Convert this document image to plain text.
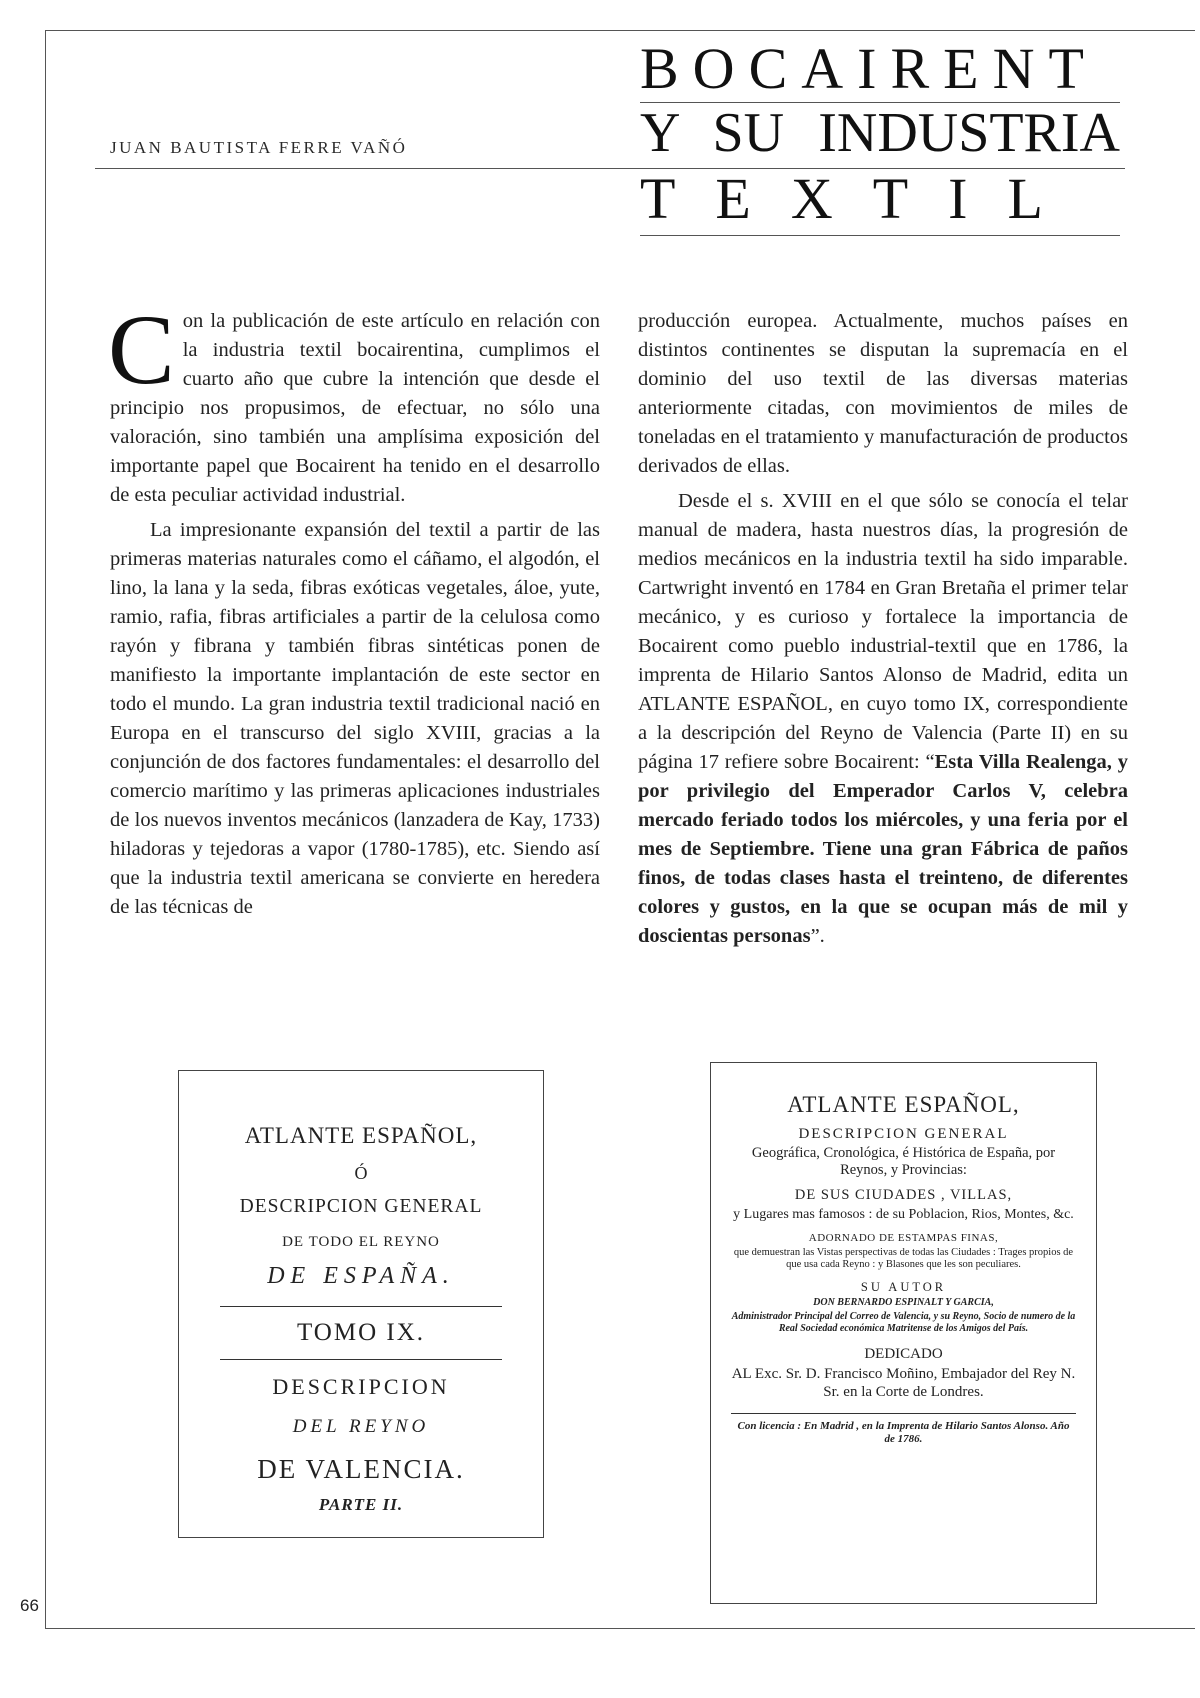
JUAN BAUTISTA FERRE VAÑÓ
BOCAIRENT
Y SU INDUSTRIA
TEXTIL

Con la publicación de este artículo en relación con la industria textil bocairentina, cumplimos el cuarto año que cubre la intención que desde el principio nos propusimos, de efectuar, no sólo una valoración, sino también una amplísima exposición del importante papel que Bocairent ha tenido en el desarrollo de esta peculiar actividad industrial.

La impresionante expansión del textil a partir de las primeras materias naturales como el cáñamo, el algodón, el lino, la lana y la seda, fibras exóticas vegetales, áloe, yute, ramio, rafia, fibras artificiales a partir de la celulosa como rayón y fibrana y también fibras sintéticas ponen de manifiesto la importante implantación de este sector en todo el mundo. La gran industria textil tradicional nació en Europa en el transcurso del siglo XVIII, gracias a la conjunción de dos factores fundamentales: el desarrollo del comercio marítimo y las primeras aplicaciones industriales de los nuevos inventos mecánicos (lanzadera de Kay, 1733) hiladoras y tejedoras a vapor (1780-1785), etc. Siendo así que la industria textil americana se convierte en heredera de las técnicas de

producción europea. Actualmente, muchos países en distintos continentes se disputan la supremacía en el dominio del uso textil de las diversas materias anteriormente citadas, con movimientos de miles de toneladas en el tratamiento y manufacturación de productos derivados de ellas.

Desde el s. XVIII en el que sólo se conocía el telar manual de madera, hasta nuestros días, la progresión de medios mecánicos en la industria textil ha sido imparable. Cartwright inventó en 1784 en Gran Bretaña el primer telar mecánico, y es curioso y fortalece la importancia de Bocairent como pueblo industrial-textil que en 1786, la imprenta de Hilario Santos Alonso de Madrid, edita un ATLANTE ESPAÑOL, en cuyo tomo IX, correspondiente a la descripción del Reyno de Valencia (Parte II) en su página 17 refiere sobre Bocairent: “Esta Villa Realenga, y por privilegio del Emperador Carlos V, celebra mercado feriado todos los miércoles, y una feria por el mes de Septiembre. Tiene una gran Fábrica de paños finos, de todas clases hasta el treinteno, de diferentes colores y gustos, en la que se ocupan más de mil y doscientas personas”.

ATLANTE ESPAÑOL,
Ó
DESCRIPCION GENERAL
DE TODO EL REYNO
DE ESPAÑA.
TOMO IX.
DESCRIPCION
DEL REYNO
DE VALENCIA.
PARTE II.
ATLANTE ESPAÑOL,
DESCRIPCION GENERAL
Geográfica, Cronológica, é Histórica de España, por Reynos, y Provincias:
DE SUS CIUDADES , VILLAS,
y Lugares mas famosos : de su Poblacion, Rios, Montes, &c.
ADORNADO DE ESTAMPAS FINAS,
que demuestran las Vistas perspectivas de todas las Ciudades : Trages propios de que usa cada Reyno : y Blasones que les son peculiares.
SU AUTOR
DON BERNARDO ESPINALT Y GARCIA,
Administrador Principal del Correo de Valencia, y su Reyno, Socio de numero de la Real Sociedad económica Matritense de los Amigos del País.
DEDICADO
AL Exc. Sr. D. Francisco Moñino, Embajador del Rey N. Sr. en la Corte de Londres.
Con licencia : En Madrid , en la Imprenta de Hilario Santos Alonso. Año de 1786.
66
